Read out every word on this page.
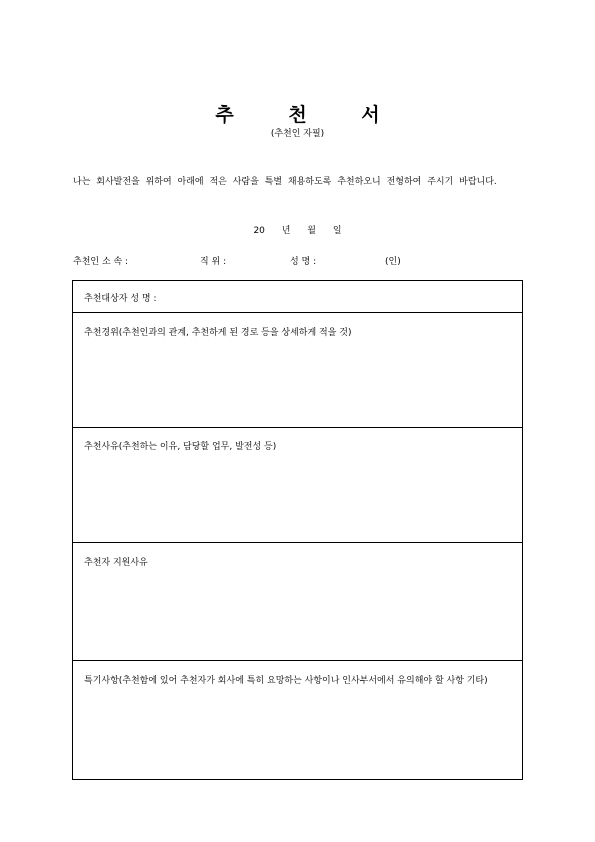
추 천 서
(추천인 자필)
나는 회사발전을 위하여 아래에 적은 사람을 특별 채용하도록 추천하오니 전형하여 주시기 바랍니다.
20 년 월 일
추천인 소 속 :	직 위 :	성 명 :	(인)
추천대상자 성 명 :
추천경위(추천인과의 관계, 추천하게 된 경로 등을 상세하게 적을 것)
추천사유(추천하는 이유, 담당할 업무, 발전성 등)
추천자 지원사유
특기사항(추천함에 있어 추천자가 회사에 특히 요망하는 사항이나 인사부서에서 유의해야 할 사항 기타)
